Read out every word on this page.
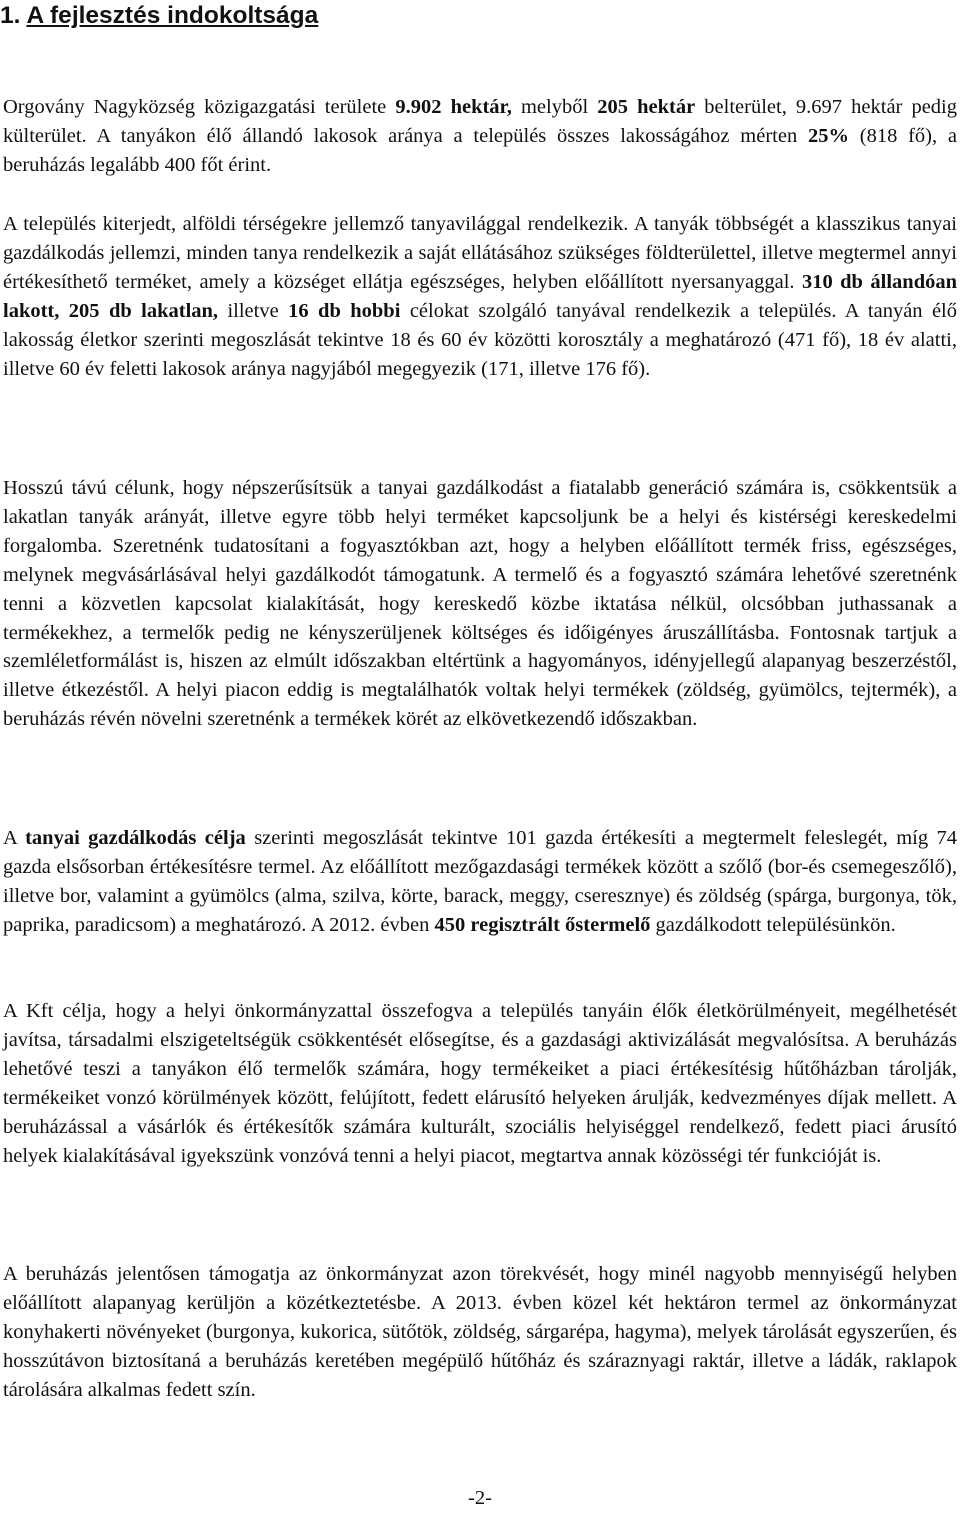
1. A fejlesztés indokoltsága

Orgovány Nagyközség közigazgatási területe 9.902 hektár, melyből 205 hektár belterület, 9.697 hektár pedig külterület. A tanyákon élő állandó lakosok aránya a település összes lakosságához mérten 25% (818 fő), a beruházás legalább 400 főt érint.

A település kiterjedt, alföldi térségekre jellemző tanyavilággal rendelkezik. A tanyák többségét a klasszikus tanyai gazdálkodás jellemzi, minden tanya rendelkezik a saját ellátásához szükséges földterülettel, illetve megtermel annyi értékesíthető terméket, amely a községet ellátja egészséges, helyben előállított nyersanyaggal. 310 db állandóan lakott, 205 db lakatlan, illetve 16 db hobbi célokat szolgáló tanyával rendelkezik a település. A tanyán élő lakosság életkor szerinti megoszlását tekintve 18 és 60 év közötti korosztály a meghatározó (471 fő), 18 év alatti, illetve 60 év feletti lakosok aránya nagyjából megegyezik (171, illetve 176 fő).

Hosszú távú célunk, hogy népszerűsítsük a tanyai gazdálkodást a fiatalabb generáció számára is, csökkentsük a lakatlan tanyák arányát, illetve egyre több helyi terméket kapcsoljunk be a helyi és kistérségi kereskedelmi forgalomba. Szeretnénk tudatosítani a fogyasztókban azt, hogy a helyben előállított termék friss, egészséges, melynek megvásárlásával helyi gazdálkodót támogatunk. A termelő és a fogyasztó számára lehetővé szeretnénk tenni a közvetlen kapcsolat kialakítását, hogy kereskedő közbe iktatása nélkül, olcsóbban juthassanak a termékekhez, a termelők pedig ne kényszerüljenek költséges és időigényes áruszállításba. Fontosnak tartjuk a szemléletformálást is, hiszen az elmúlt időszakban eltértünk a hagyományos, idényjellegű alapanyag beszerzéstől, illetve étkezéstől. A helyi piacon eddig is megtalálhatók voltak helyi termékek (zöldség, gyümölcs, tejtermék), a beruházás révén növelni szeretnénk a termékek körét az elkövetkezendő időszakban.

A tanyai gazdálkodás célja szerinti megoszlását tekintve 101 gazda értékesíti a megtermelt feleslegét, míg 74 gazda elsősorban értékesítésre termel. Az előállított mezőgazdasági termékek között a szőlő (bor-és csemegeszőlő), illetve bor, valamint a gyümölcs (alma, szilva, körte, barack, meggy, cseresznye) és zöldség (spárga, burgonya, tök, paprika, paradicsom) a meghatározó. A 2012. évben 450 regisztrált őstermelő gazdálkodott településünkön.

A Kft célja, hogy a helyi önkormányzattal összefogva a település tanyáin élők életkörülményeit, megélhetését javítsa, társadalmi elszigeteltségük csökkentését elősegítse, és a gazdasági aktivizálását megvalósítsa. A beruházás lehetővé teszi a tanyákon élő termelők számára, hogy termékeiket a piaci értékesítésig hűtőházban tárolják, termékeiket vonzó körülmények között, felújított, fedett elárusító helyeken árulják, kedvezményes díjak mellett. A beruházással a vásárlók és értékesítők számára kulturált, szociális helyiséggel rendelkező, fedett piaci árusító helyek kialakításával igyekszünk vonzóvá tenni a helyi piacot, megtartva annak közösségi tér funkcióját is.

A beruházás jelentősen támogatja az önkormányzat azon törekvését, hogy minél nagyobb mennyiségű helyben előállított alapanyag kerüljön a közétkeztetésbe. A 2013. évben közel két hektáron termel az önkormányzat konyhakerti növényeket (burgonya, kukorica, sütőtök, zöldség, sárgarépa, hagyma), melyek tárolását egyszerűen, és hosszútávon biztosítaná a beruházás keretében megépülő hűtőház és száraznyagi raktár, illetve a ládák, raklapok tárolására alkalmas fedett szín.

-2-
